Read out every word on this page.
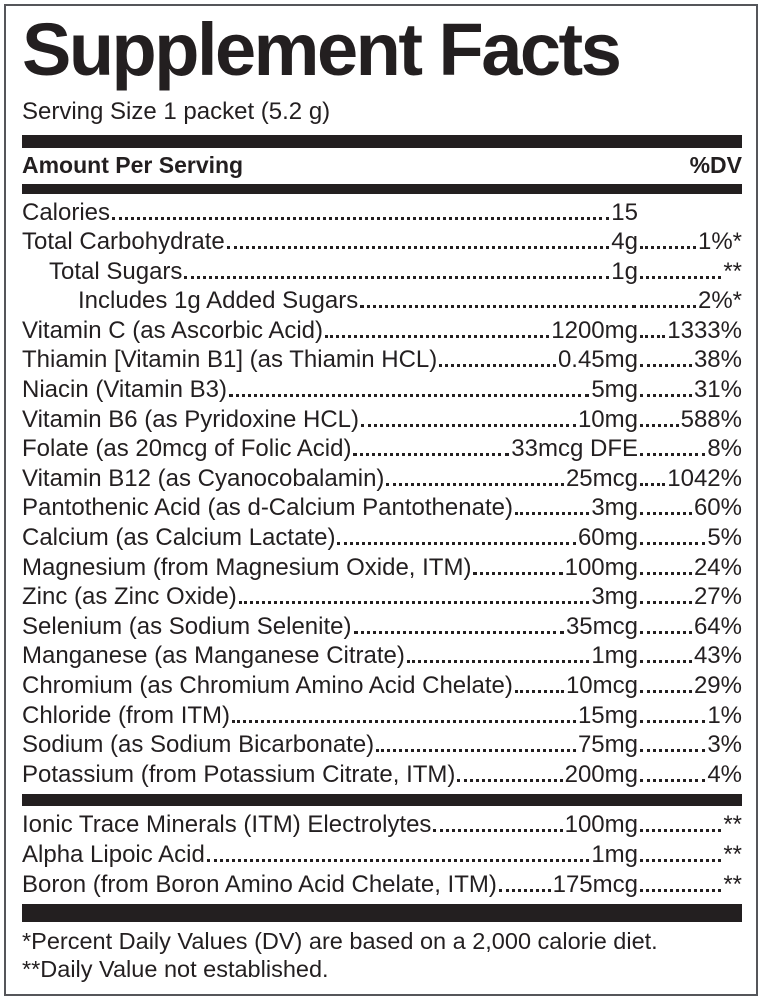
Supplement Facts
Serving Size 1 packet (5.2 g)
Amount Per Serving	%DV
Calories	15
Total Carbohydrate	4g 1%*
Total Sugars	1g	**
Includes 1g Added Sugars	2%*
Vitamin C (as Ascorbic Acid)	1200mg 1333%
Thiamin [Vitamin B1] (as Thiamin HCL)	0.45mg 38%
Niacin (Vitamin B3)	5mg 31%
Vitamin B6 (as Pyridoxine HCL)	10mg 588%
Folate (as 20mcg of Folic Acid)	33mcg DFE	8%
Vitamin B12 (as Cyanocobalamin)	25mcg 1042%
Pantothenic Acid (as d-Calcium Pantothenate)	3mg 60%
Calcium (as Calcium Lactate)	60mg	5%
Magnesium (from Magnesium Oxide, ITM)	100mg 24%
Zinc (as Zinc Oxide)	3mg 27%
Selenium (as Sodium Selenite)	35mcg 64%
Manganese (as Manganese Citrate)	1mg 43%
Chromium (as Chromium Amino Acid Chelate) 10mcg 29%
Chloride (from ITM)	15mg	1%
Sodium (as Sodium Bicarbonate)	75mg	3%
Potassium (from Potassium Citrate, ITM)	200mg	4%
Ionic Trace Minerals (ITM) Electrolytes	100mg	**
Alpha Lipoic Acid	1mg	**
Boron (from Boron Amino Acid Chelate, ITM) 175mcg	**
*Percent Daily Values (DV) are based on a 2,000 calorie diet.
**Daily Value not established.
